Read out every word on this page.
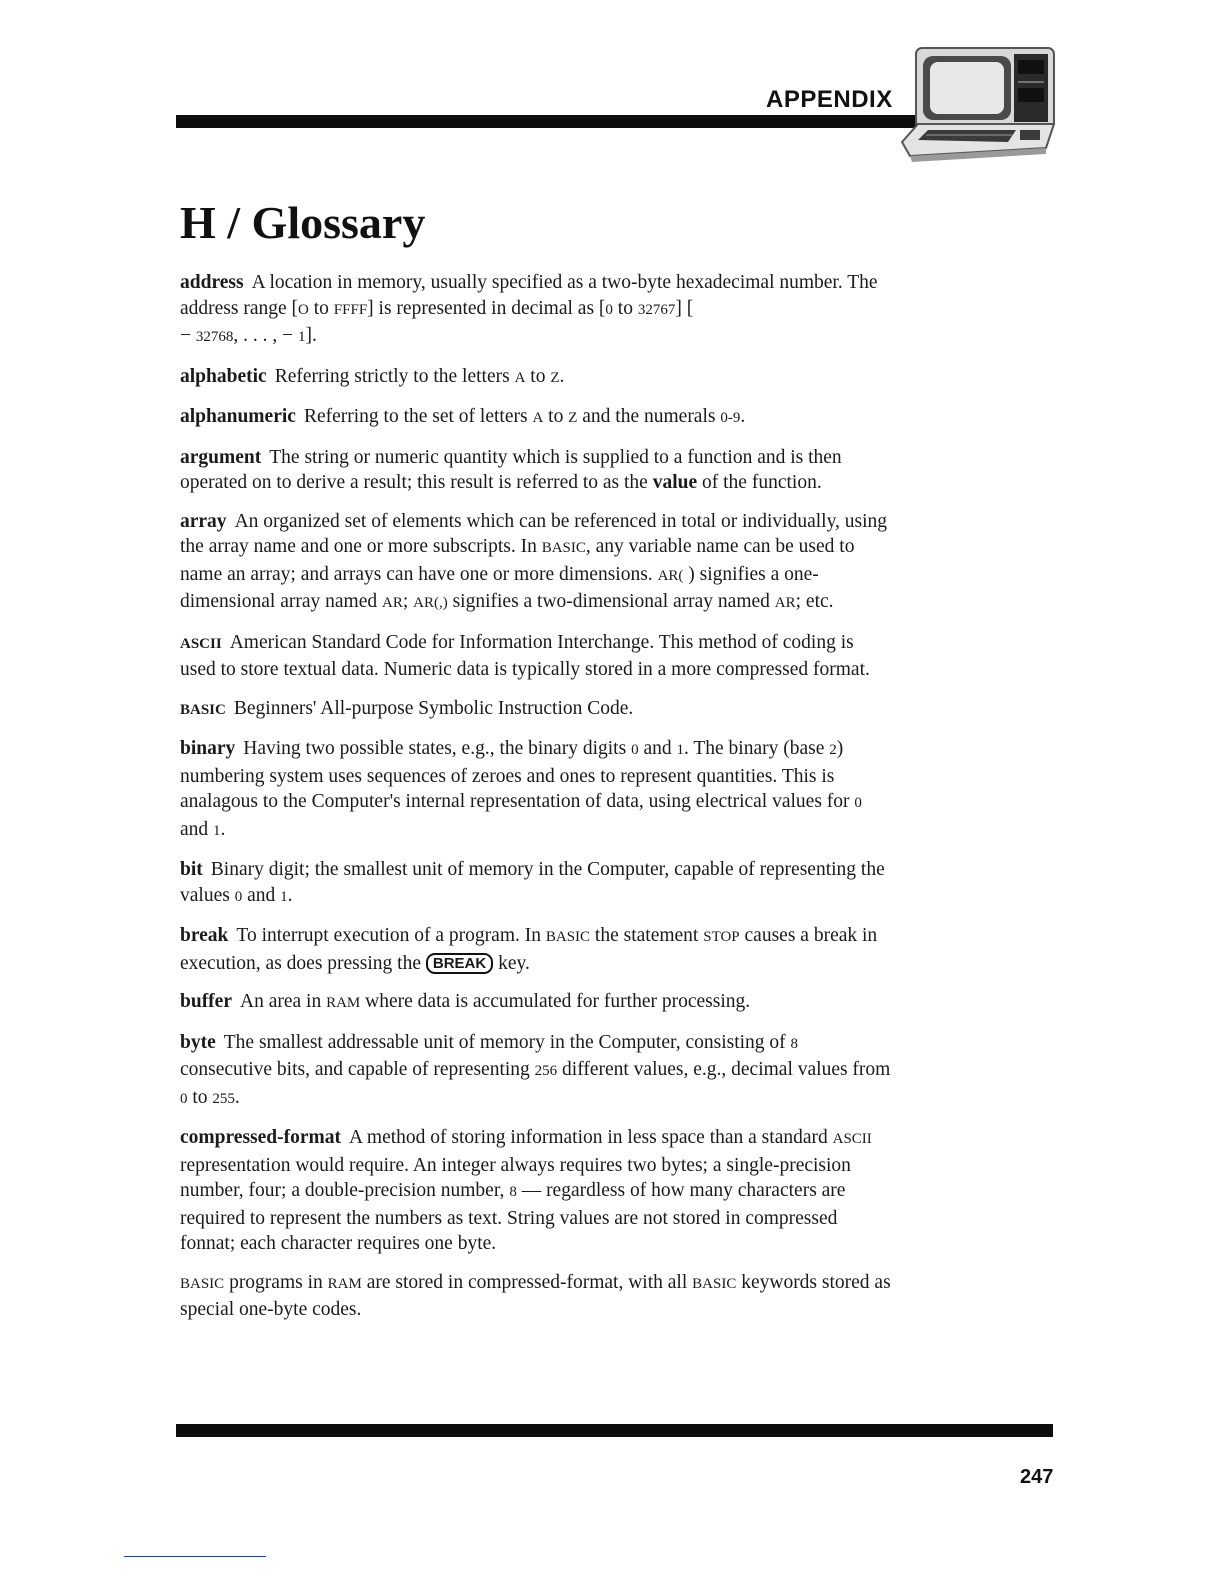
APPENDIX
H / Glossary

address A location in memory, usually specified as a two-byte hexadecimal number. The address range [O to FFFF] is represented in decimal as [0 to 32767] [
− 32768, . . . , − 1].

alphabetic Referring strictly to the letters A to Z.

alphanumeric Referring to the set of letters A to Z and the numerals 0-9.

argument The string or numeric quantity which is supplied to a function and is then operated on to derive a result; this result is referred to as the value of the function.

array An organized set of elements which can be referenced in total or individually, using the array name and one or more subscripts. In BASIC, any variable name can be used to name an array; and arrays can have one or more dimensions. AR( ) signifies a one-dimensional array named AR; AR(,) signifies a two-dimensional array named AR; etc.

ASCII American Standard Code for Information Interchange. This method of coding is used to store textual data. Numeric data is typically stored in a more compressed format.

BASIC Beginners' All-purpose Symbolic Instruction Code.

binary Having two possible states, e.g., the binary digits 0 and 1. The binary (base 2) numbering system uses sequences of zeroes and ones to represent quantities. This is analagous to the Computer's internal representation of data, using electrical values for 0 and 1.

bit Binary digit; the smallest unit of memory in the Computer, capable of representing the values 0 and 1.

break To interrupt execution of a program. In BASIC the statement STOP causes a break in execution, as does pressing the BREAK key.

buffer An area in RAM where data is accumulated for further processing.

byte The smallest addressable unit of memory in the Computer, consisting of 8 consecutive bits, and capable of representing 256 different values, e.g., decimal values from 0 to 255.

compressed-format A method of storing information in less space than a standard ASCII representation would require. An integer always requires two bytes; a single-precision number, four; a double-precision number, 8 — regardless of how many characters are required to represent the numbers as text. String values are not stored in compressed fonnat; each character requires one byte.

BASIC programs in RAM are stored in compressed-format, with all BASIC keywords stored as special one-byte codes.

247
